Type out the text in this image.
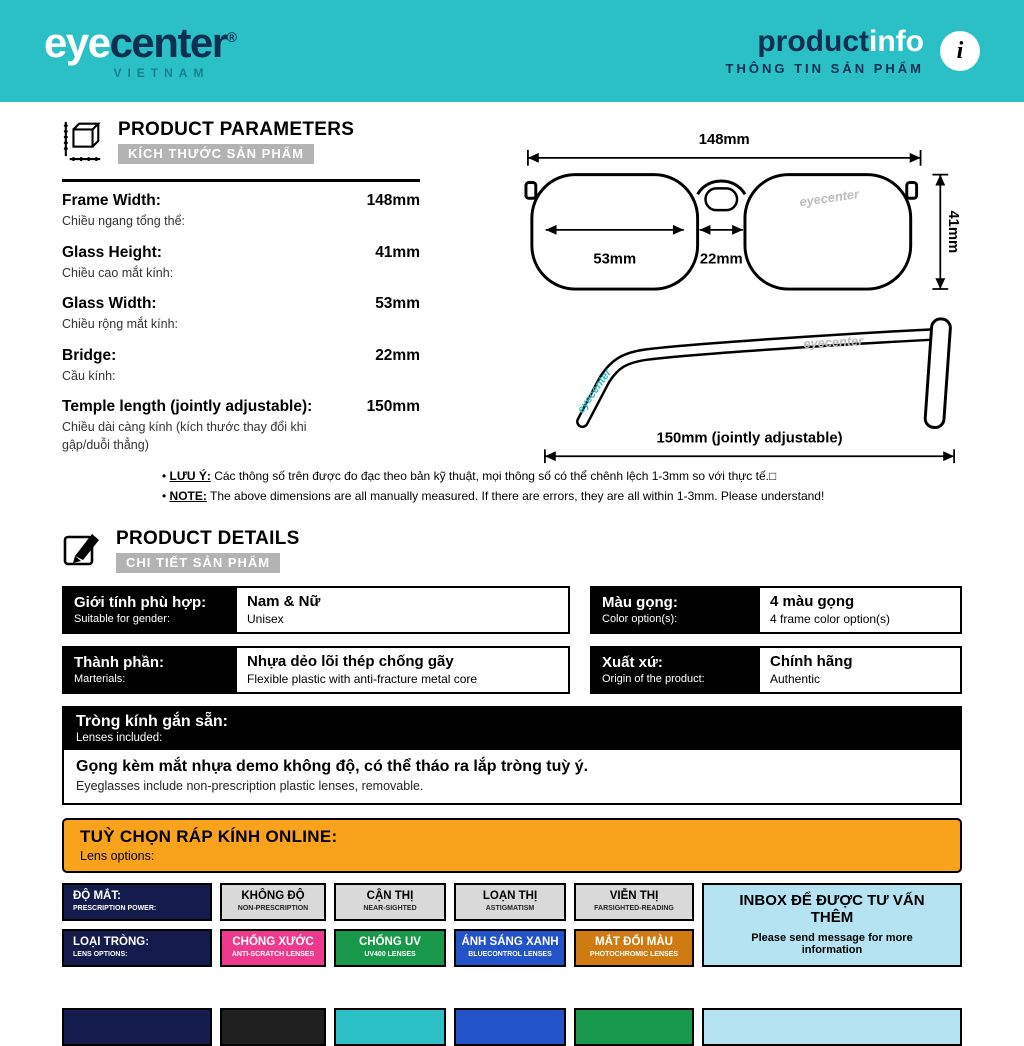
eyecenter®
VIETNAM
productinfo
THÔNG TIN SẢN PHẨM
i
PRODUCT PARAMETERS
KÍCH THƯỚC SẢN PHẨM
Frame Width:
Chiều ngang tổng thể:
148mm
Glass Height:
Chiều cao mắt kính:
41mm
Glass Width:
Chiều rộng mắt kính:
53mm
Bridge:
Cầu kính:
22mm
Temple length (jointly adjustable):
Chiều dài càng kính (kích thước thay đổi khi gập/duỗi thẳng)
150mm
148mm
53mm	22mm
41mm
eyecenter
eyecenter
eyecenter
150mm (jointly adjustable)
• LƯU Ý: Các thông số trên được đo đạc theo bản kỹ thuật, mọi thông số có thể chênh lệch 1-3mm so với thực tế.□
• NOTE: The above dimensions are all manually measured. If there are errors, they are all within 1-3mm. Please understand!
PRODUCT DETAILS
CHI TIẾT SẢN PHẨM
Giới tính phù hợp:
Suitable for gender:
Nam & Nữ
Unisex
Màu gọng:
Color option(s):
4 màu gọng
4 frame color option(s)
Thành phần:
Marterials:
Nhựa dẻo lõi thép chống gãy
Flexible plastic with anti-fracture metal core
Xuất xứ:
Origin of the product:
Chính hãng
Authentic
Tròng kính gắn sẵn:
Lenses included:
Gọng kèm mắt nhựa demo không độ, có thể tháo ra lắp tròng tuỳ ý.
Eyeglasses include non-prescription plastic lenses, removable.
TUỲ CHỌN RÁP KÍNH ONLINE:
Lens options:
ĐỘ MẮT:
PRESCRIPTION POWER:
KHÔNG ĐỘ
NON-PRESCRIPTION
CẬN THỊ
NEAR-SIGHTED
LOẠN THỊ
ASTIGMATISM
VIỄN THỊ
FARSIGHTED-READING	INBOX ĐỂ ĐƯỢC TƯ VẤN THÊM
Please send message for more information
LOẠI TRÒNG:
LENS OPTIONS:
CHỐNG XƯỚC
ANTI-SCRATCH LENSES
CHỐNG UV
UV400 LENSES
ÁNH SÁNG XANH
BLUECONTROL LENSES
MẮT ĐỔI MÀU
PHOTOCHROMIC LENSES
